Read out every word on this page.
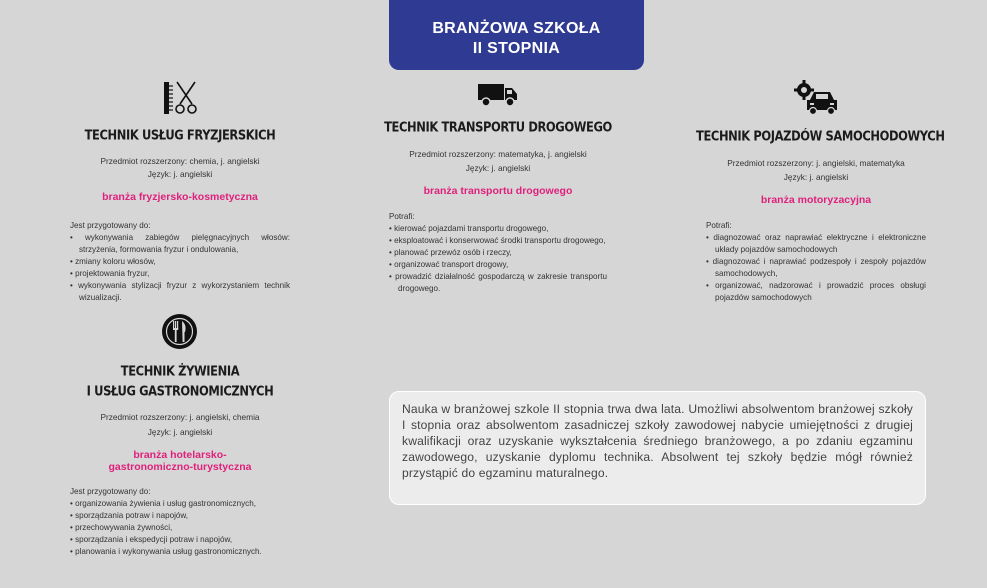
BRANŻOWA SZKOŁA
II STOPNIA
TECHNIK USŁUG FRYZJERSKICH
Przedmiot rozszerzony: chemia, j. angielski
Język: j. angielski
branża fryzjersko-kosmetyczna

Jest przygotowany do:

• wykonywania zabiegów pielęgnacyjnych włosów: strzyżenia, formowania fryzur i ondulowania,
• zmiany koloru włosów,
• projektowania fryzur,
• wykonywania stylizacji fryzur z wykorzystaniem technik wizualizacji.
TECHNIK TRANSPORTU DROGOWEGO
Przedmiot rozszerzony: matematyka, j. angielski
Język: j. angielski
branża transportu drogowego

Potrafi:

• kierować pojazdami transportu drogowego,
• eksploatować i konserwować środki transportu drogowego,
• planować przewóz osób i rzeczy,
• organizować transport drogowy,
• prowadzić działalność gospodarczą w zakresie transportu drogowego.
TECHNIK POJAZDÓW SAMOCHODOWYCH
Przedmiot rozszerzony: j. angielski, matematyka
Język: j. angielski
branża motoryzacyjna

Potrafi:

• diagnozować oraz naprawiać elektryczne i elektroniczne układy pojazdów samochodowych
• diagnozować i naprawiać podzespoły i zespoły pojazdów samochodowych,
• organizować, nadzorować i prowadzić proces obsługi pojazdów samochodowych
TECHNIK ŻYWIENIA
I USŁUG GASTRONOMICZNYCH
Przedmiot rozszerzony: j. angielski, chemia
Język: j. angielski
branża hotelarsko-
gastronomiczno-turystyczna

Jest przygotowany do:

• organizowania żywienia i usług gastronomicznych,
• sporządzania potraw i napojów,
• przechowywania żywności,
• sporządzania i ekspedycji potraw i napojów,
• planowania i wykonywania usług gastronomicznych.
Nauka w branżowej szkole II stopnia trwa dwa lata. Umożliwi absolwentom branżowej szkoły I stopnia oraz absolwentom zasadniczej szkoły zawodowej nabycie umiejętności z drugiej kwalifikacji oraz uzyskanie wykształcenia średniego branżowego, a po zdaniu egzaminu zawodowego, uzyskanie dyplomu technika. Absolwent tej szkoły będzie mógł również przystąpić do egzaminu maturalnego.
